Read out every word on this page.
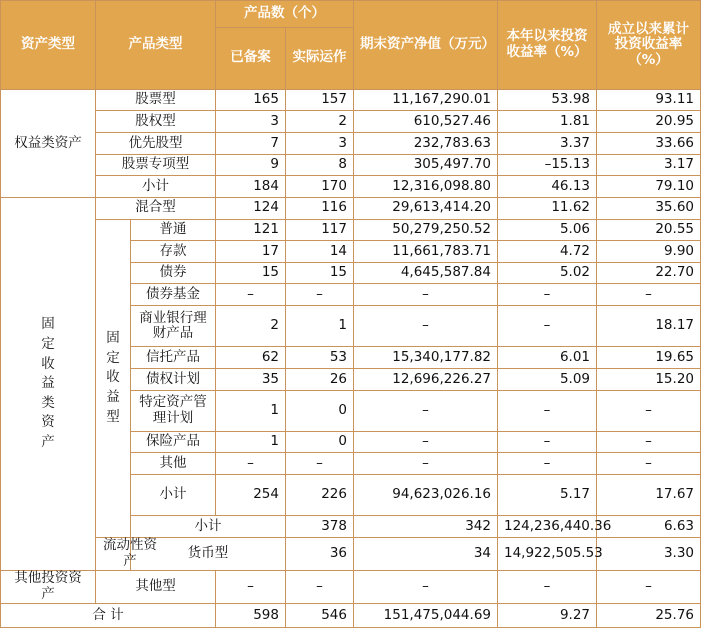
资产类型	产品类型		产品数（个）		期末资产净值（万元）	本年以来投资收益率（%）	成立以来累计投资收益率（%）	
			已备案	实际运作				
权益类资产	股票型		165	157	11,167,290.01	53.98	93.11	
	股权型		3	2	610,527.46	1.81	20.95	
	优先股型		7	3	232,783.63	3.37	33.66	
	股票专项型		9	8	305,497.70	–15.13	3.17	
	小计		184	170	12,316,098.80	46.13	79.10	

固定收益类资产	混合型		124	116	29,613,414.20	11.62	35.60	

	固定收益型	普通	121	117	50,279,250.52	5.06	20.55	
		存款	17	14	11,661,783.71	4.72	9.90	
		债券	15	15	4,645,587.84	5.02	22.70	
		债券基金	–	–	–	–	–	
		商业银行理财产品	2	1	–	–	18.17	
		信托产品	62	53	15,340,177.82	6.01	19.65	
		债权计划	35	26	12,696,226.27	5.09	15.20	
		特定资产管理计划	1	0	–	–	–	
		保险产品	1	0	–	–	–	
		其他	–	–	–	–	–	
		小计	254	226	94,623,026.16	5.17	17.67	
		小计		378	342	124,236,440.36	6.63	

	流动性资产	货币型		36	34	14,922,505.53	3.30	

其他投资资产	其他型		–	–	–	–	–	
合 计			598	546	151,475,044.69	9.27	25.76	
